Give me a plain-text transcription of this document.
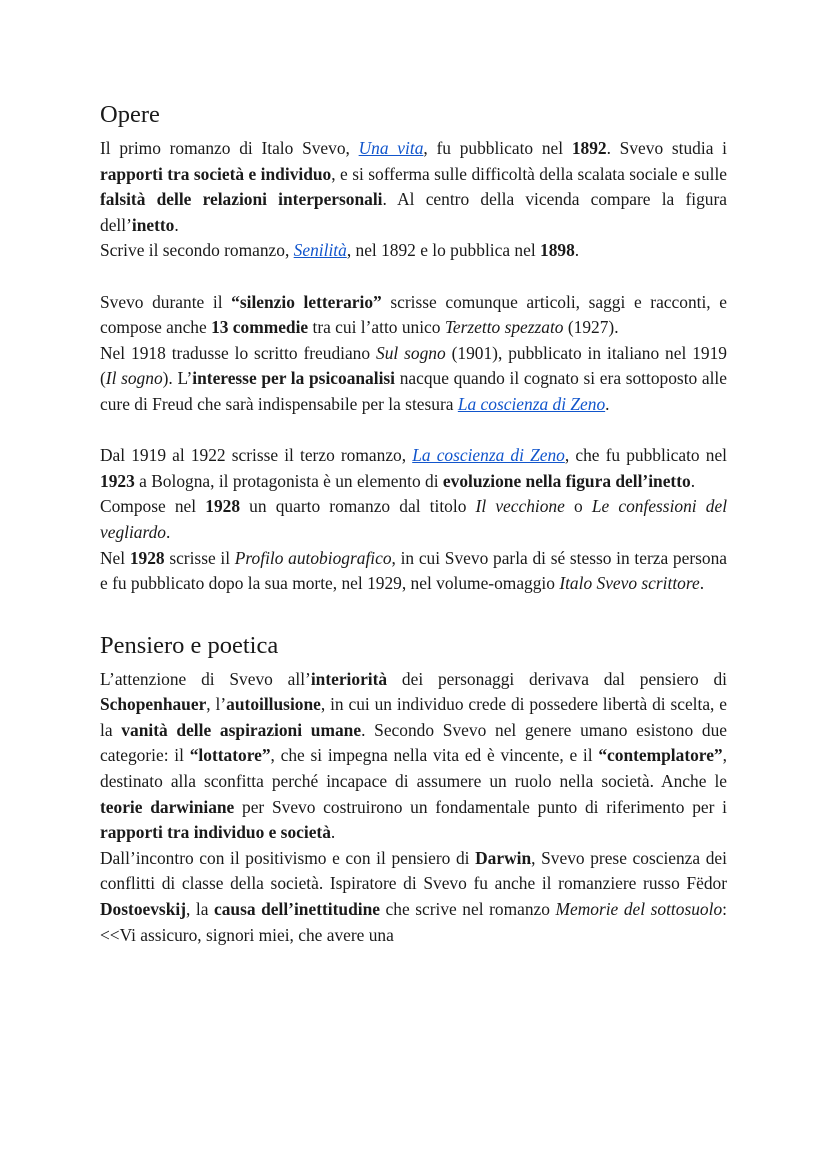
Opere

Il primo romanzo di Italo Svevo, Una vita, fu pubblicato nel 1892. Svevo studia i rapporti tra società e individuo, e si sofferma sulle difficoltà della scalata sociale e sulle falsità delle relazioni interpersonali. Al centro della vicenda compare la figura dell’inetto.

Scrive il secondo romanzo, Senilità, nel 1892 e lo pubblica nel 1898.

Svevo durante il “silenzio letterario” scrisse comunque articoli, saggi e racconti, e compose anche 13 commedie tra cui l’atto unico Terzetto spezzato (1927).

Nel 1918 tradusse lo scritto freudiano Sul sogno (1901), pubblicato in italiano nel 1919 (Il sogno). L’interesse per la psicoanalisi nacque quando il cognato si era sottoposto alle cure di Freud che sarà indispensabile per la stesura La coscienza di Zeno.

Dal 1919 al 1922 scrisse il terzo romanzo, La coscienza di Zeno, che fu pubblicato nel 1923 a Bologna, il protagonista è un elemento di evoluzione nella figura dell’inetto.

Compose nel 1928 un quarto romanzo dal titolo Il vecchione o Le confessioni del vegliardo.

Nel 1928 scrisse il Profilo autobiografico, in cui Svevo parla di sé stesso in terza persona e fu pubblicato dopo la sua morte, nel 1929, nel volume-omaggio Italo Svevo scrittore.

Pensiero e poetica

L’attenzione di Svevo all’interiorità dei personaggi derivava dal pensiero di Schopenhauer, l’autoillusione, in cui un individuo crede di possedere libertà di scelta, e la vanità delle aspirazioni umane. Secondo Svevo nel genere umano esistono due categorie: il “lottatore”, che si impegna nella vita ed è vincente, e il “contemplatore”, destinato alla sconfitta perché incapace di assumere un ruolo nella società. Anche le teorie darwiniane per Svevo costruirono un fondamentale punto di riferimento per i rapporti tra individuo e società.

Dall’incontro con il positivismo e con il pensiero di Darwin, Svevo prese coscienza dei conflitti di classe della società. Ispiratore di Svevo fu anche il romanziere russo Fëdor Dostoevskij, la causa dell’inettitudine che scrive nel romanzo Memorie del sottosuolo: <<Vi assicuro, signori miei, che avere una
